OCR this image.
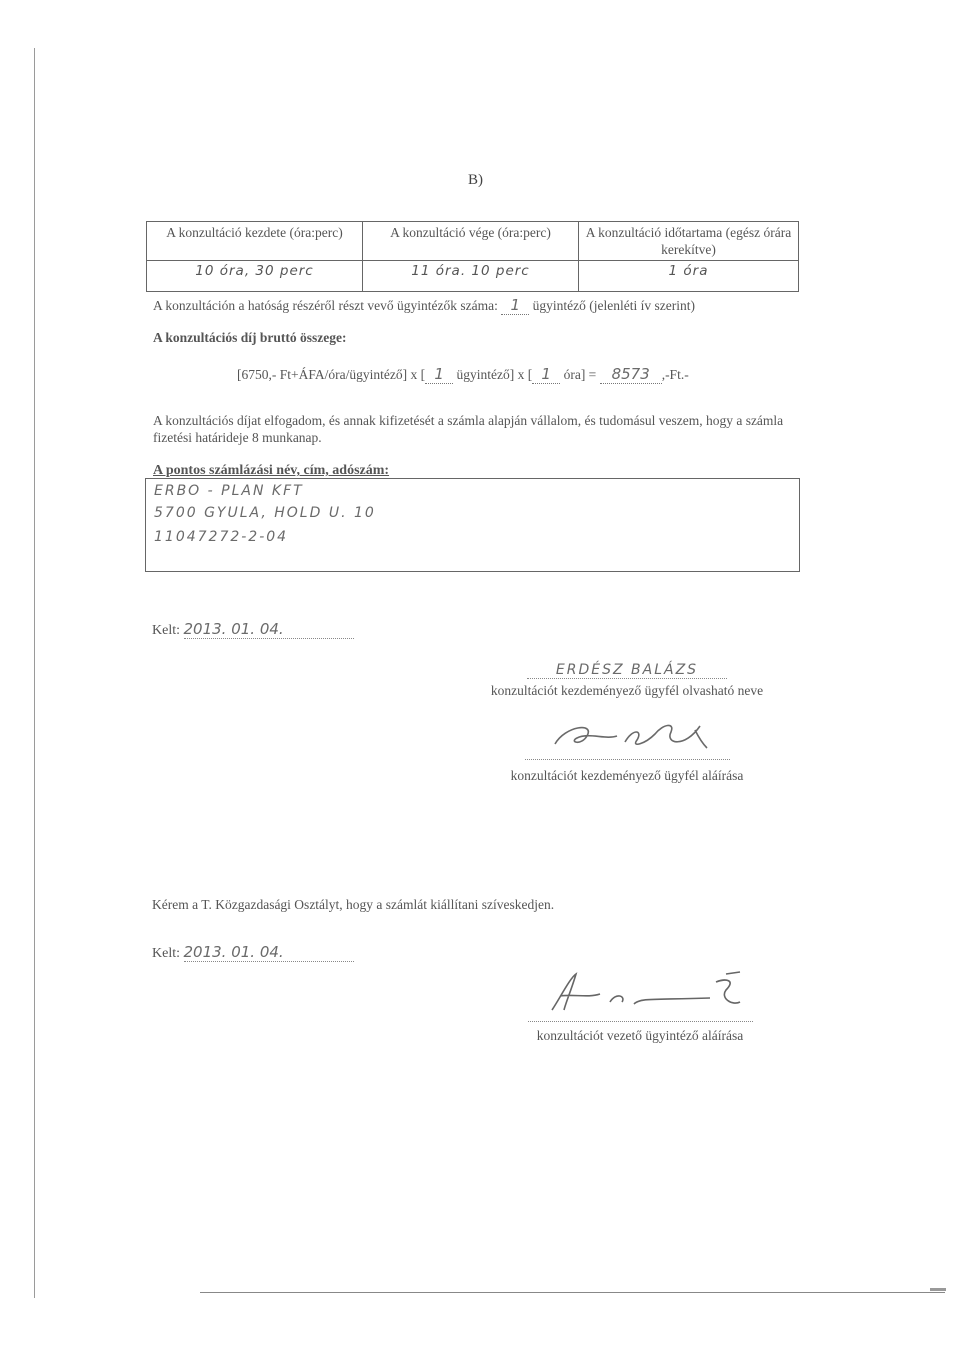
B)
A konzultáció kezdete (óra:perc)	A konzultáció vége (óra:perc)	A konzultáció időtartama (egész órára kerekítve)
10 óra, 30 perc	11 óra. 10 perc	1 óra
A konzultáción a hatóság részéről részt vevő ügyintézők száma: 1 ügyintéző (jelenléti ív szerint)
A konzultációs díj bruttó összege:
[6750,- Ft+ÁFA/óra/ügyintéző] x [ 1 ügyintéző] x [ 1 óra] = 8573 ,-Ft.-
A konzultációs díjat elfogadom, és annak kifizetését a számla alapján vállalom, és tudomásul veszem, hogy a számla fizetési határideje 8 munkanap.
A pontos számlázási név, cím, adószám:
ERBO - PLAN KFT
5700 GYULA, HOLD U. 10
11047272-2-04
Kelt: 2013. 01. 04.
ERDÉSZ BALÁZS
konzultációt kezdeményező ügyfél olvasható neve
konzultációt kezdeményező ügyfél aláírása
Kérem a T. Közgazdasági Osztályt, hogy a számlát kiállítani szíveskedjen.
Kelt: 2013. 01. 04.
konzultációt vezető ügyintéző aláírása
